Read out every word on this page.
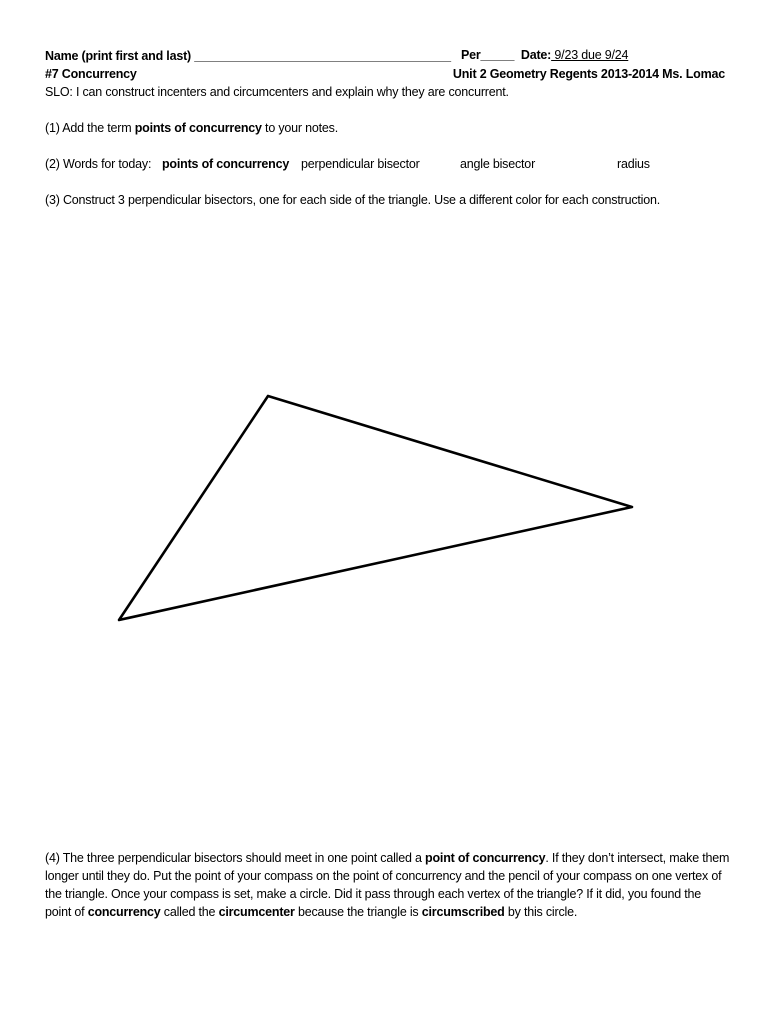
Name (print first and last) ______________________________________ Per_____ Date: 9/23 due 9/24
#7 Concurrency	Unit 2 Geometry Regents 2013-2014 Ms. Lomac
SLO: I can construct incenters and circumcenters and explain why they are concurrent.
(1) Add the term points of concurrency to your notes.
(2) Words for today: points of concurrency perpendicular bisector	angle bisector	radius
(3) Construct 3 perpendicular bisectors, one for each side of the triangle. Use a different color for each construction.
(4) The three perpendicular bisectors should meet in one point called a point of concurrency. If they don’t intersect, make them longer until they do. Put the point of your compass on the point of concurrency and the pencil of your compass on one vertex of the triangle. Once your compass is set, make a circle. Did it pass through each vertex of the triangle? If it did, you found the point of concurrency called the circumcenter because the triangle is circumscribed by this circle.
